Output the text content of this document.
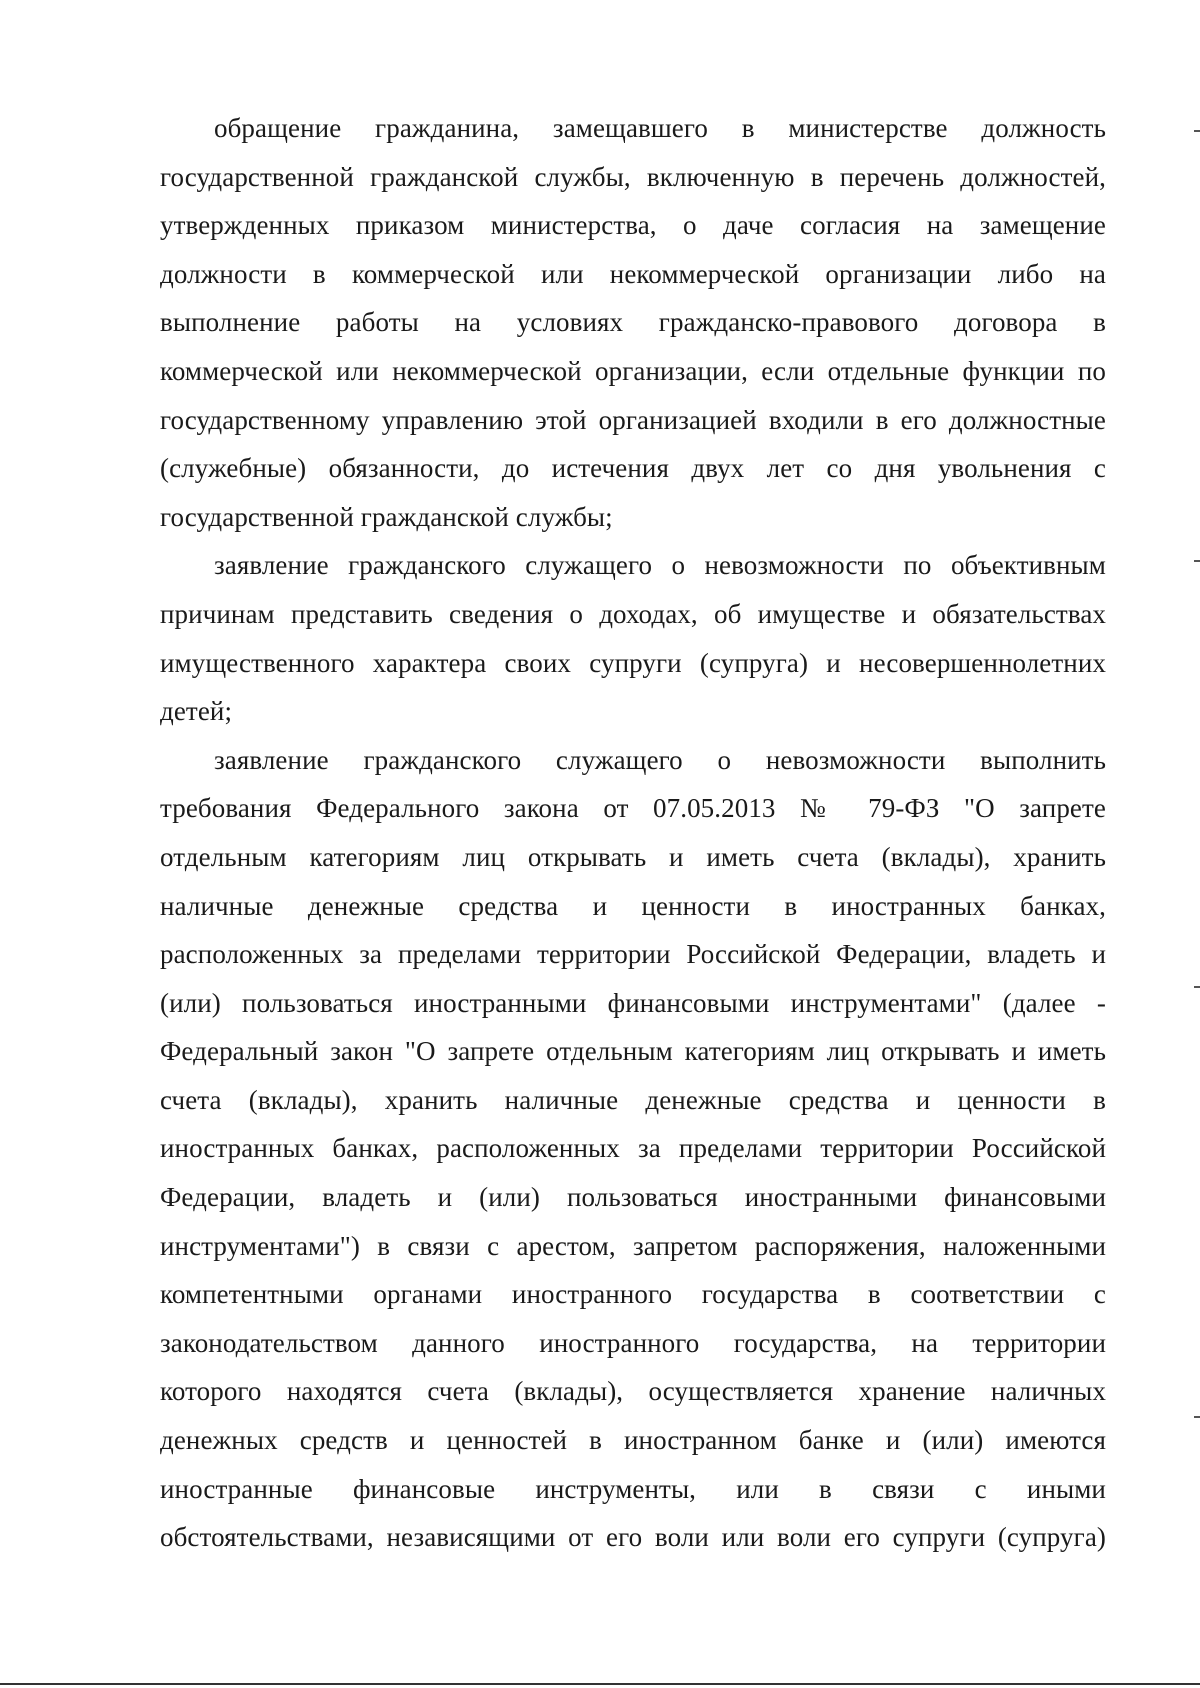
обращение гражданина, замещавшего в министерстве должность
государственной гражданской службы, включенную в перечень должностей,
утвержденных приказом министерства, о даче согласия на замещение
должности в коммерческой или некоммерческой организации либо на
выполнение работы на условиях гражданско-правового договора в
коммерческой или некоммерческой организации, если отдельные функции по
государственному управлению этой организацией входили в его должностные
(служебные) обязанности, до истечения двух лет со дня увольнения с
государственной гражданской службы;

заявление гражданского служащего о невозможности по объективным
причинам представить сведения о доходах, об имуществе и обязательствах
имущественного характера своих супруги (супруга) и несовершеннолетних
детей;

заявление гражданского служащего о невозможности выполнить
требования Федерального закона от 07.05.2013 № 79-ФЗ "О запрете
отдельным категориям лиц открывать и иметь счета (вклады), хранить
наличные денежные средства и ценности в иностранных банках,
расположенных за пределами территории Российской Федерации, владеть и
(или) пользоваться иностранными финансовыми инструментами" (далее -
Федеральный закон "О запрете отдельным категориям лиц открывать и иметь
счета (вклады), хранить наличные денежные средства и ценности в
иностранных банках, расположенных за пределами территории Российской
Федерации, владеть и (или) пользоваться иностранными финансовыми
инструментами") в связи с арестом, запретом распоряжения, наложенными
компетентными органами иностранного государства в соответствии с
законодательством данного иностранного государства, на территории
которого находятся счета (вклады), осуществляется хранение наличных
денежных средств и ценностей в иностранном банке и (или) имеются
иностранные финансовые инструменты, или в связи с иными
обстоятельствами, независящими от его воли или воли его супруги (супруга)
